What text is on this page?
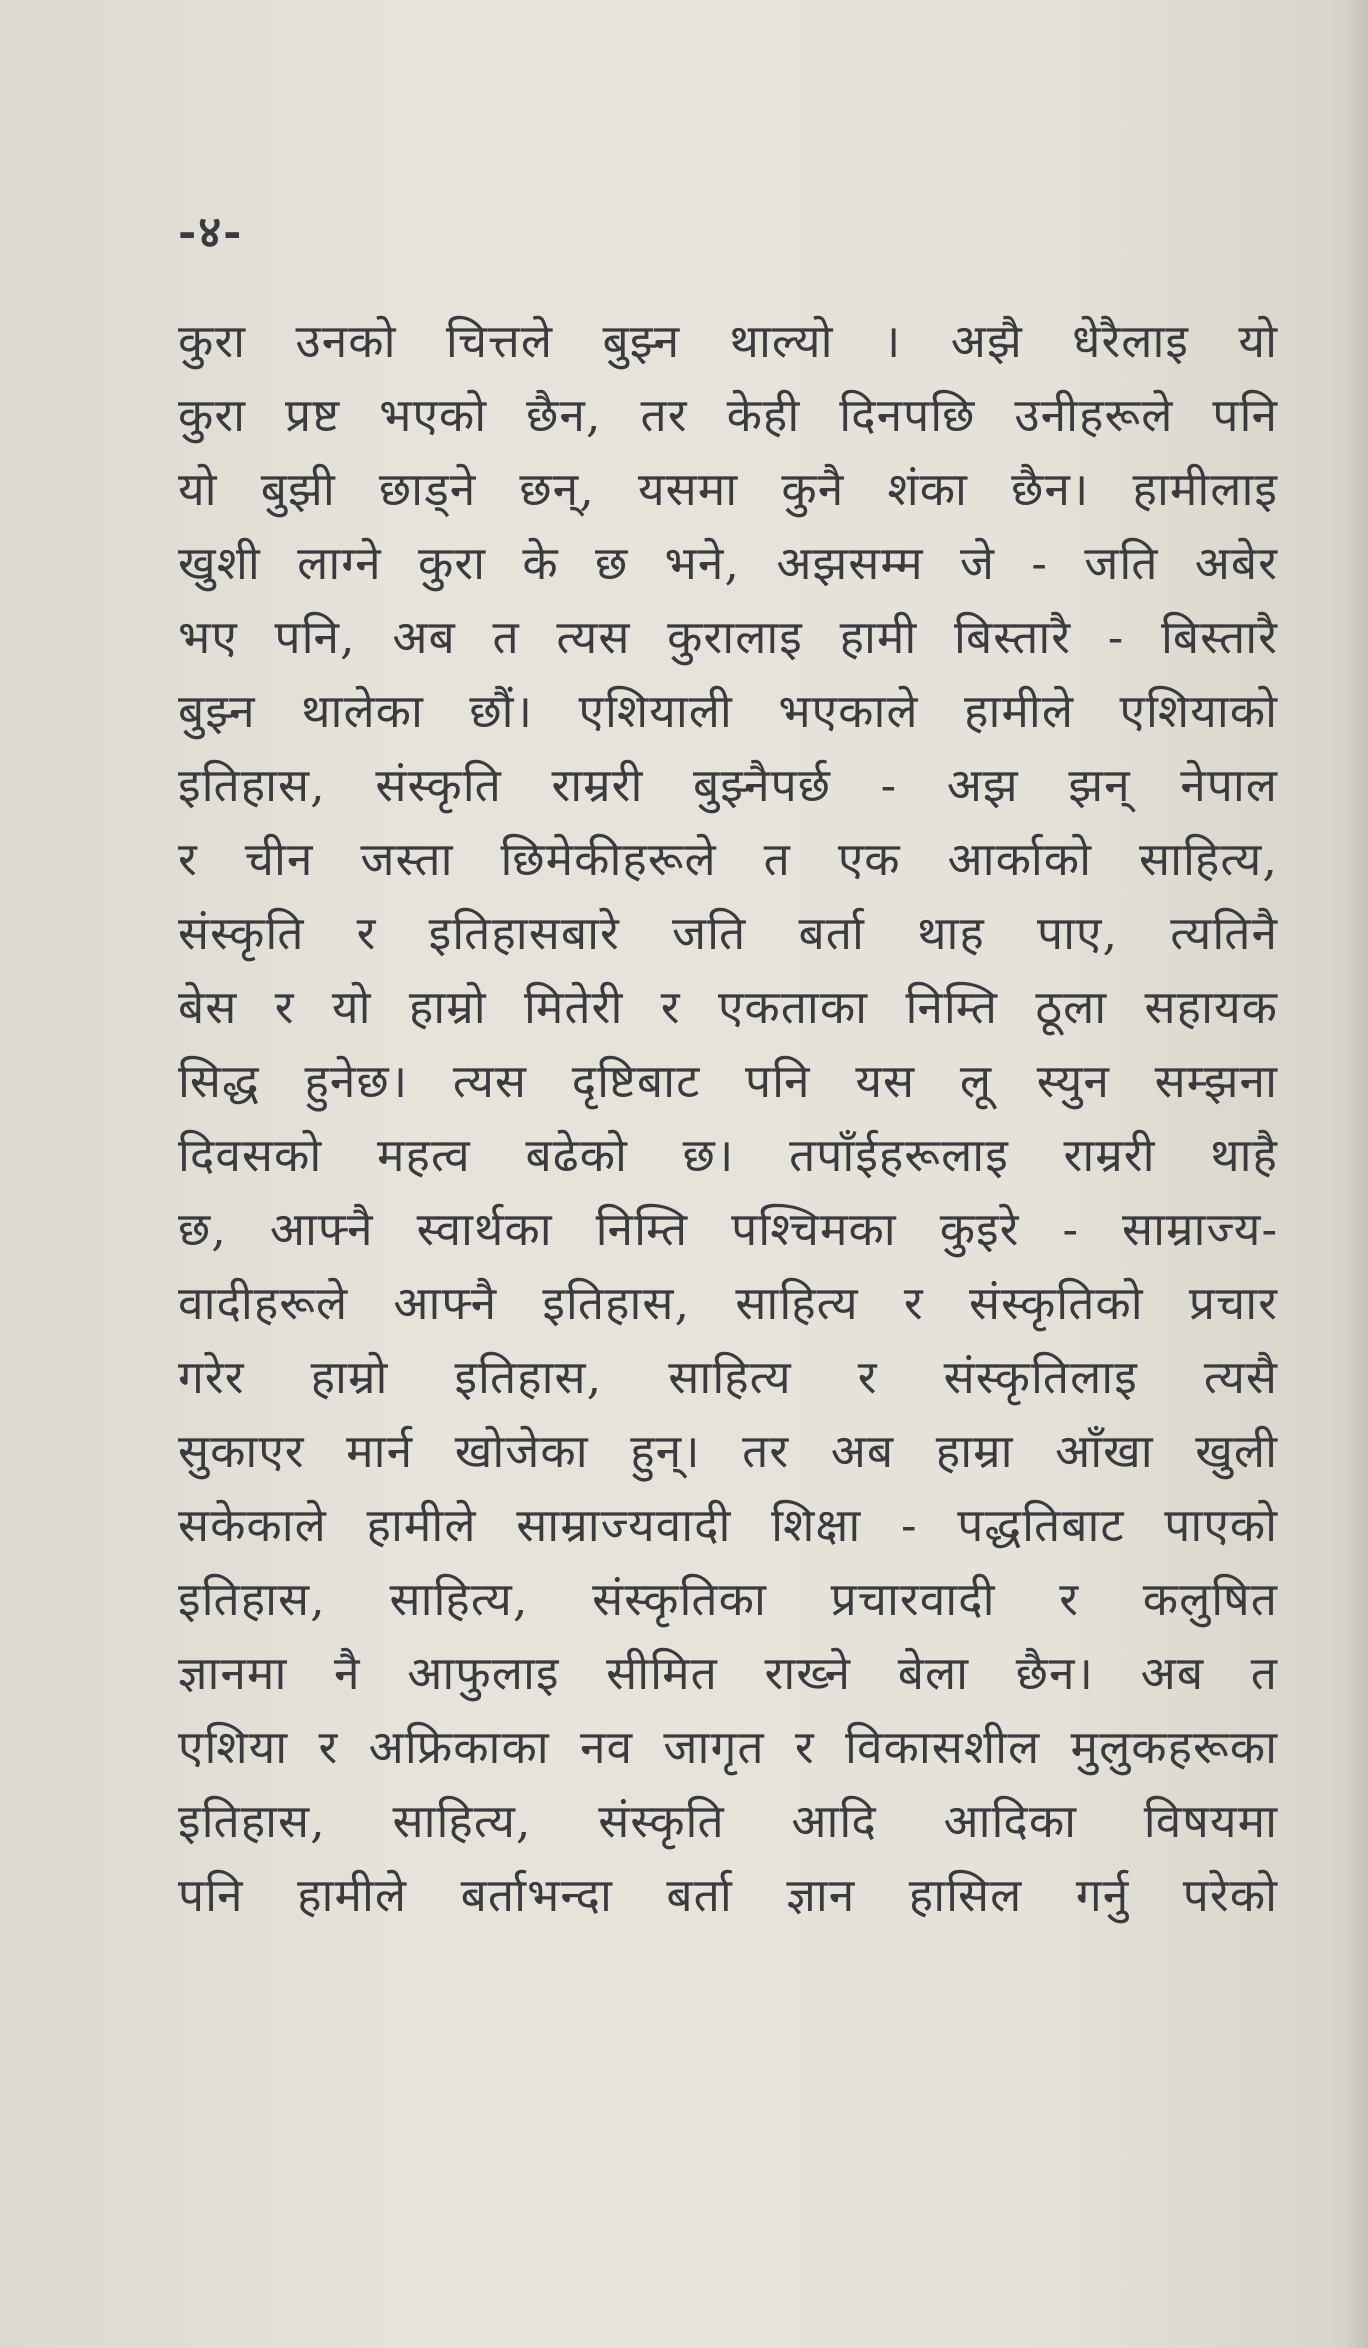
-४-
कुरा उनको चित्तले बुझ्न थाल्यो । अझै धेरैलाइ यो
कुरा प्रष्ट भएको छैन, तर केही दिनपछि उनीहरूले पनि
यो बुझी छाड्ने छन्, यसमा कुनै शंका छैन। हामीलाइ
खुशी लाग्ने कुरा के छ भने, अझसम्म जे - जति अबेर
भए पनि, अब त त्यस कुरालाइ हामी बिस्तारै - बिस्तारै
बुझ्न थालेका छौं। एशियाली भएकाले हामीले एशियाको
इतिहास, संस्कृति राम्ररी बुझ्नैपर्छ - अझ झन् नेपाल
र चीन जस्ता छिमेकीहरूले त एक आर्काको साहित्य,
संस्कृति र इतिहासबारे जति बर्ता थाह पाए, त्यतिनै
बेस र यो हाम्रो मितेरी र एकताका निम्ति ठूला सहायक
सिद्ध हुनेछ। त्यस दृष्टिबाट पनि यस लू स्युन सम्झना
दिवसको महत्व बढेको छ। तपाँईहरूलाइ राम्ररी थाहै
छ, आफ्नै स्वार्थका निम्ति पश्चिमका कुइरे - साम्राज्य-
वादीहरूले आफ्नै इतिहास, साहित्य र संस्कृतिको प्रचार
गरेर हाम्रो इतिहास, साहित्य र संस्कृतिलाइ त्यसै
सुकाएर मार्न खोजेका हुन्। तर अब हाम्रा आँखा खुली
सकेकाले हामीले साम्राज्यवादी शिक्षा - पद्धतिबाट पाएको
इतिहास, साहित्य, संस्कृतिका प्रचारवादी र कलुषित
ज्ञानमा नै आफुलाइ सीमित राख्ने बेला छैन। अब त
एशिया र अफ्रिकाका नव जागृत र विकासशील मुलुकहरूका
इतिहास, साहित्य, संस्कृति आदि आदिका विषयमा
पनि हामीले बर्ताभन्दा बर्ता ज्ञान हासिल गर्नु परेको
